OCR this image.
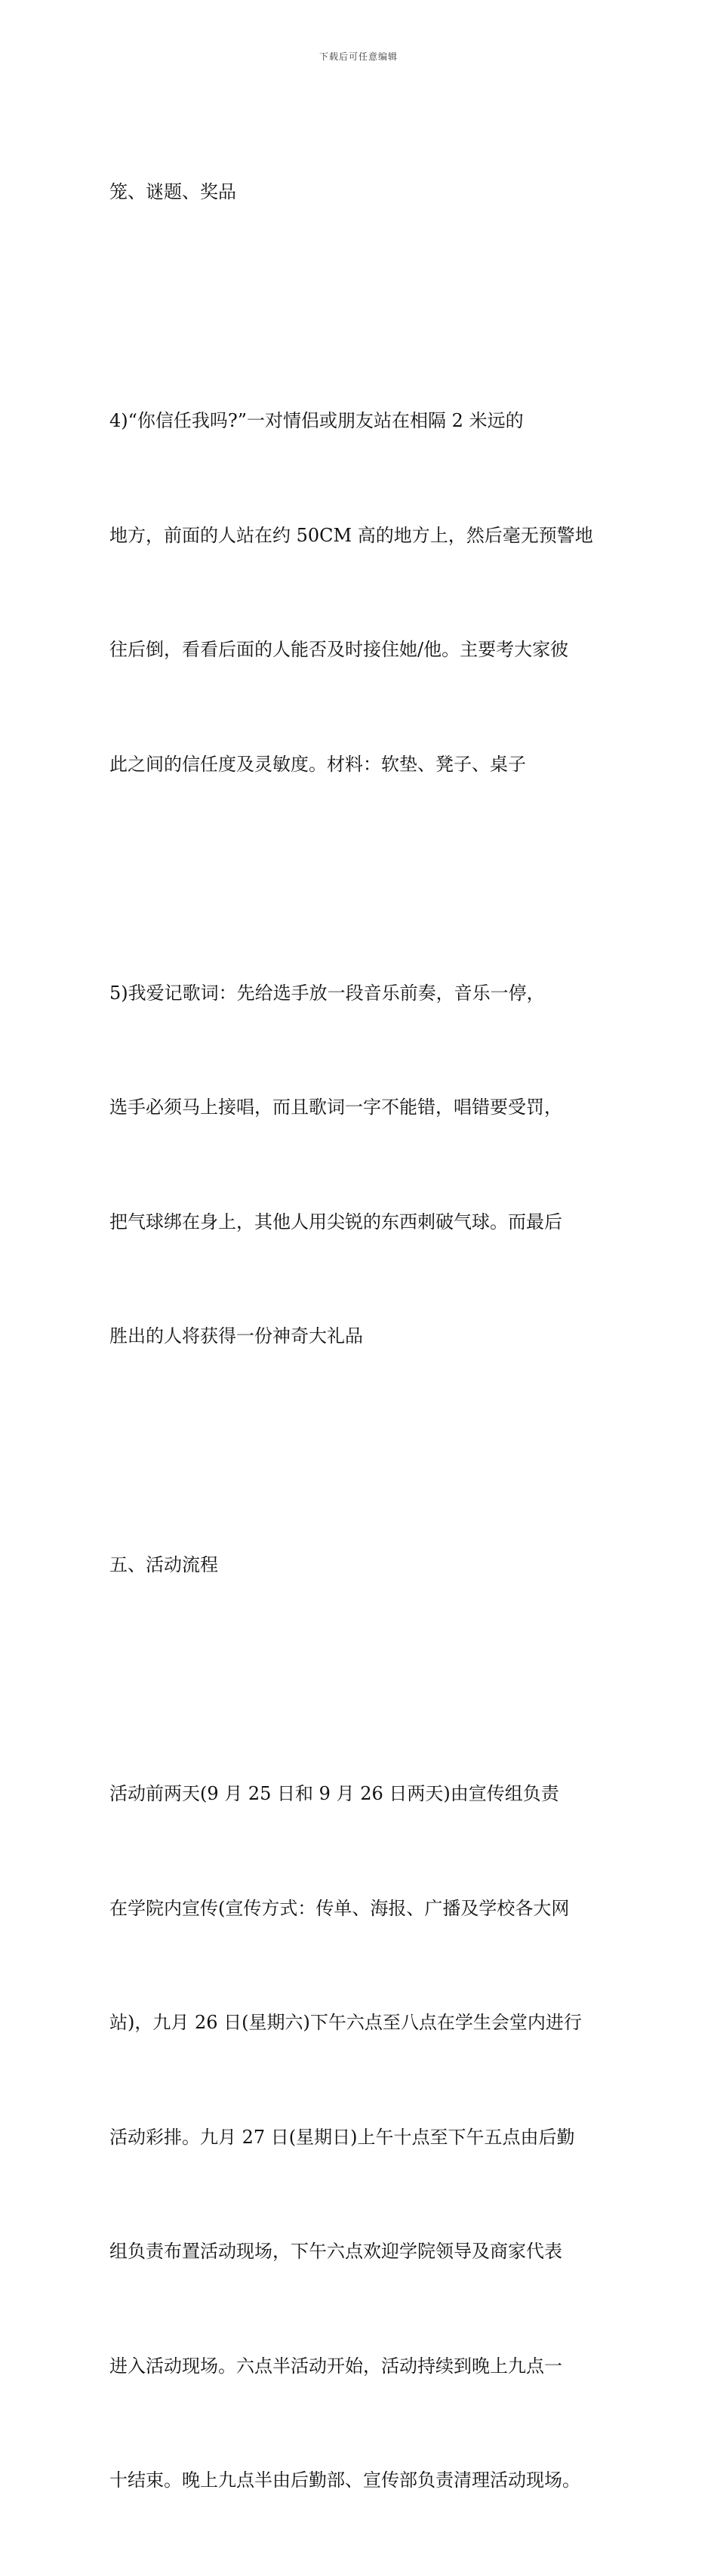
下载后可任意编辑

笼、谜题、奖品

4)“你信任我吗?”一对情侣或朋友站在相隔 2 米远的

地方，前面的人站在约 50CM 高的地方上，然后毫无预警地

往后倒，看看后面的人能否及时接住她/他。主要考大家彼

此之间的信任度及灵敏度。材料：软垫、凳子、桌子

5)我爱记歌词：先给选手放一段音乐前奏，音乐一停，

选手必须马上接唱，而且歌词一字不能错，唱错要受罚，

把气球绑在身上，其他人用尖锐的东西刺破气球。而最后

胜出的人将获得一份神奇大礼品

五、活动流程

活动前两天(9 月 25 日和 9 月 26 日两天)由宣传组负责

在学院内宣传(宣传方式：传单、海报、广播及学校各大网

站)，九月 26 日(星期六)下午六点至八点在学生会堂内进行

活动彩排。九月 27 日(星期日)上午十点至下午五点由后勤

组负责布置活动现场，下午六点欢迎学院领导及商家代表

进入活动现场。六点半活动开始，活动持续到晚上九点一

十结束。晚上九点半由后勤部、宣传部负责清理活动现场。
